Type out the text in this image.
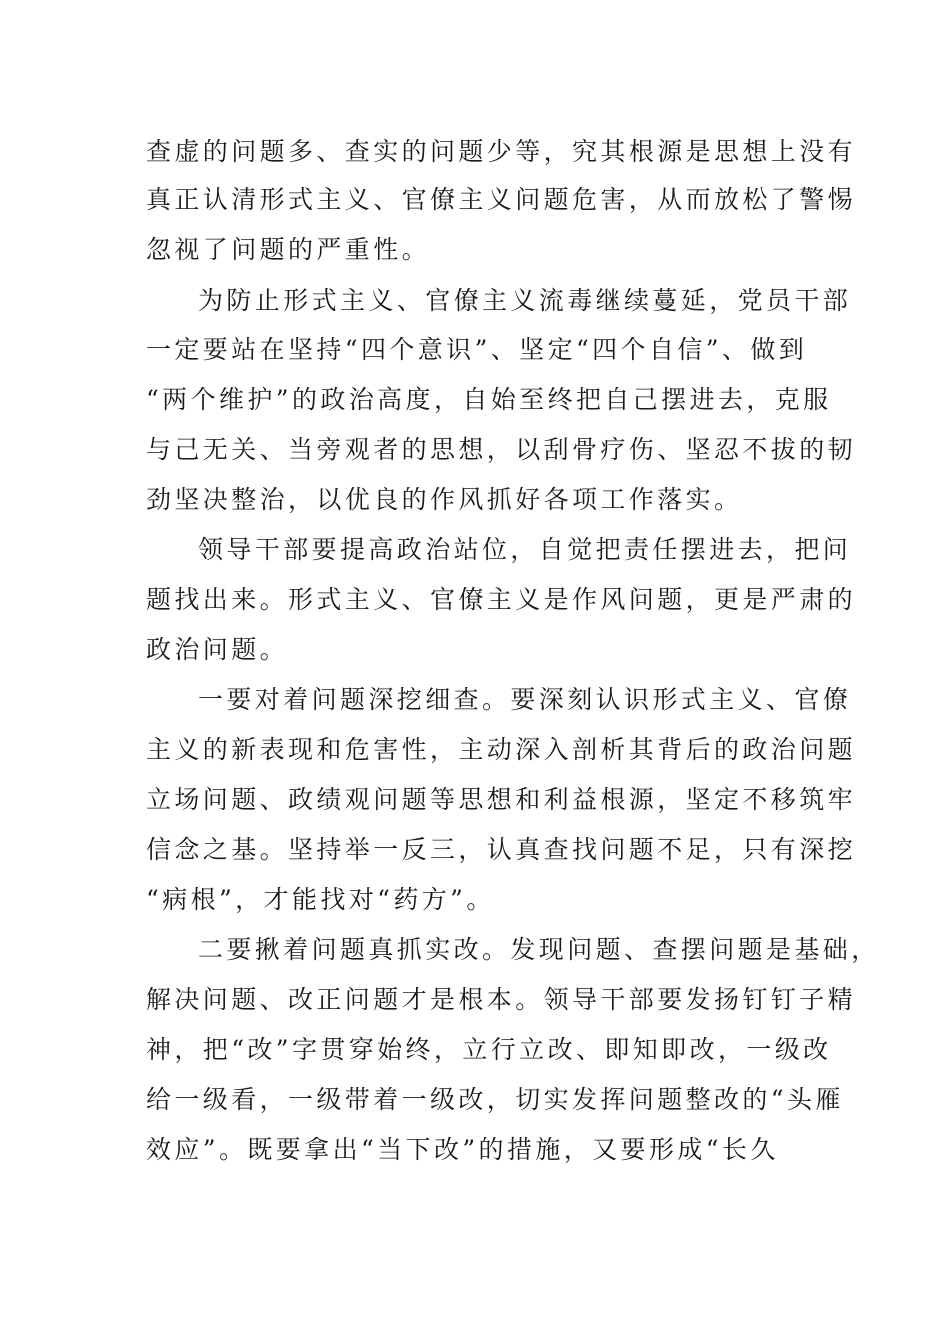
查虚的问题多、查实的问题少等，究其根源是思想上没有
真正认清形式主义、官僚主义问题危害，从而放松了警惕
忽视了问题的严重性。
为防止形式主义、官僚主义流毒继续蔓延，党员干部
一定要站在坚持“四个意识”、坚定“四个自信”、做到
“两个维护”的政治高度，自始至终把自己摆进去，克服
与己无关、当旁观者的思想，以刮骨疗伤、坚忍不拔的韧
劲坚决整治，以优良的作风抓好各项工作落实。
领导干部要提高政治站位，自觉把责任摆进去，把问
题找出来。形式主义、官僚主义是作风问题，更是严肃的
政治问题。
一要对着问题深挖细查。要深刻认识形式主义、官僚
主义的新表现和危害性，主动深入剖析其背后的政治问题
立场问题、政绩观问题等思想和利益根源，坚定不移筑牢
信念之基。坚持举一反三，认真查找问题不足，只有深挖
“病根”，才能找对“药方”。
二要揪着问题真抓实改。发现问题、查摆问题是基础，
解决问题、改正问题才是根本。领导干部要发扬钉钉子精
神，把“改”字贯穿始终，立行立改、即知即改，一级改
给一级看，一级带着一级改，切实发挥问题整改的“头雁
效应”。既要拿出“当下改”的措施，又要形成“长久
